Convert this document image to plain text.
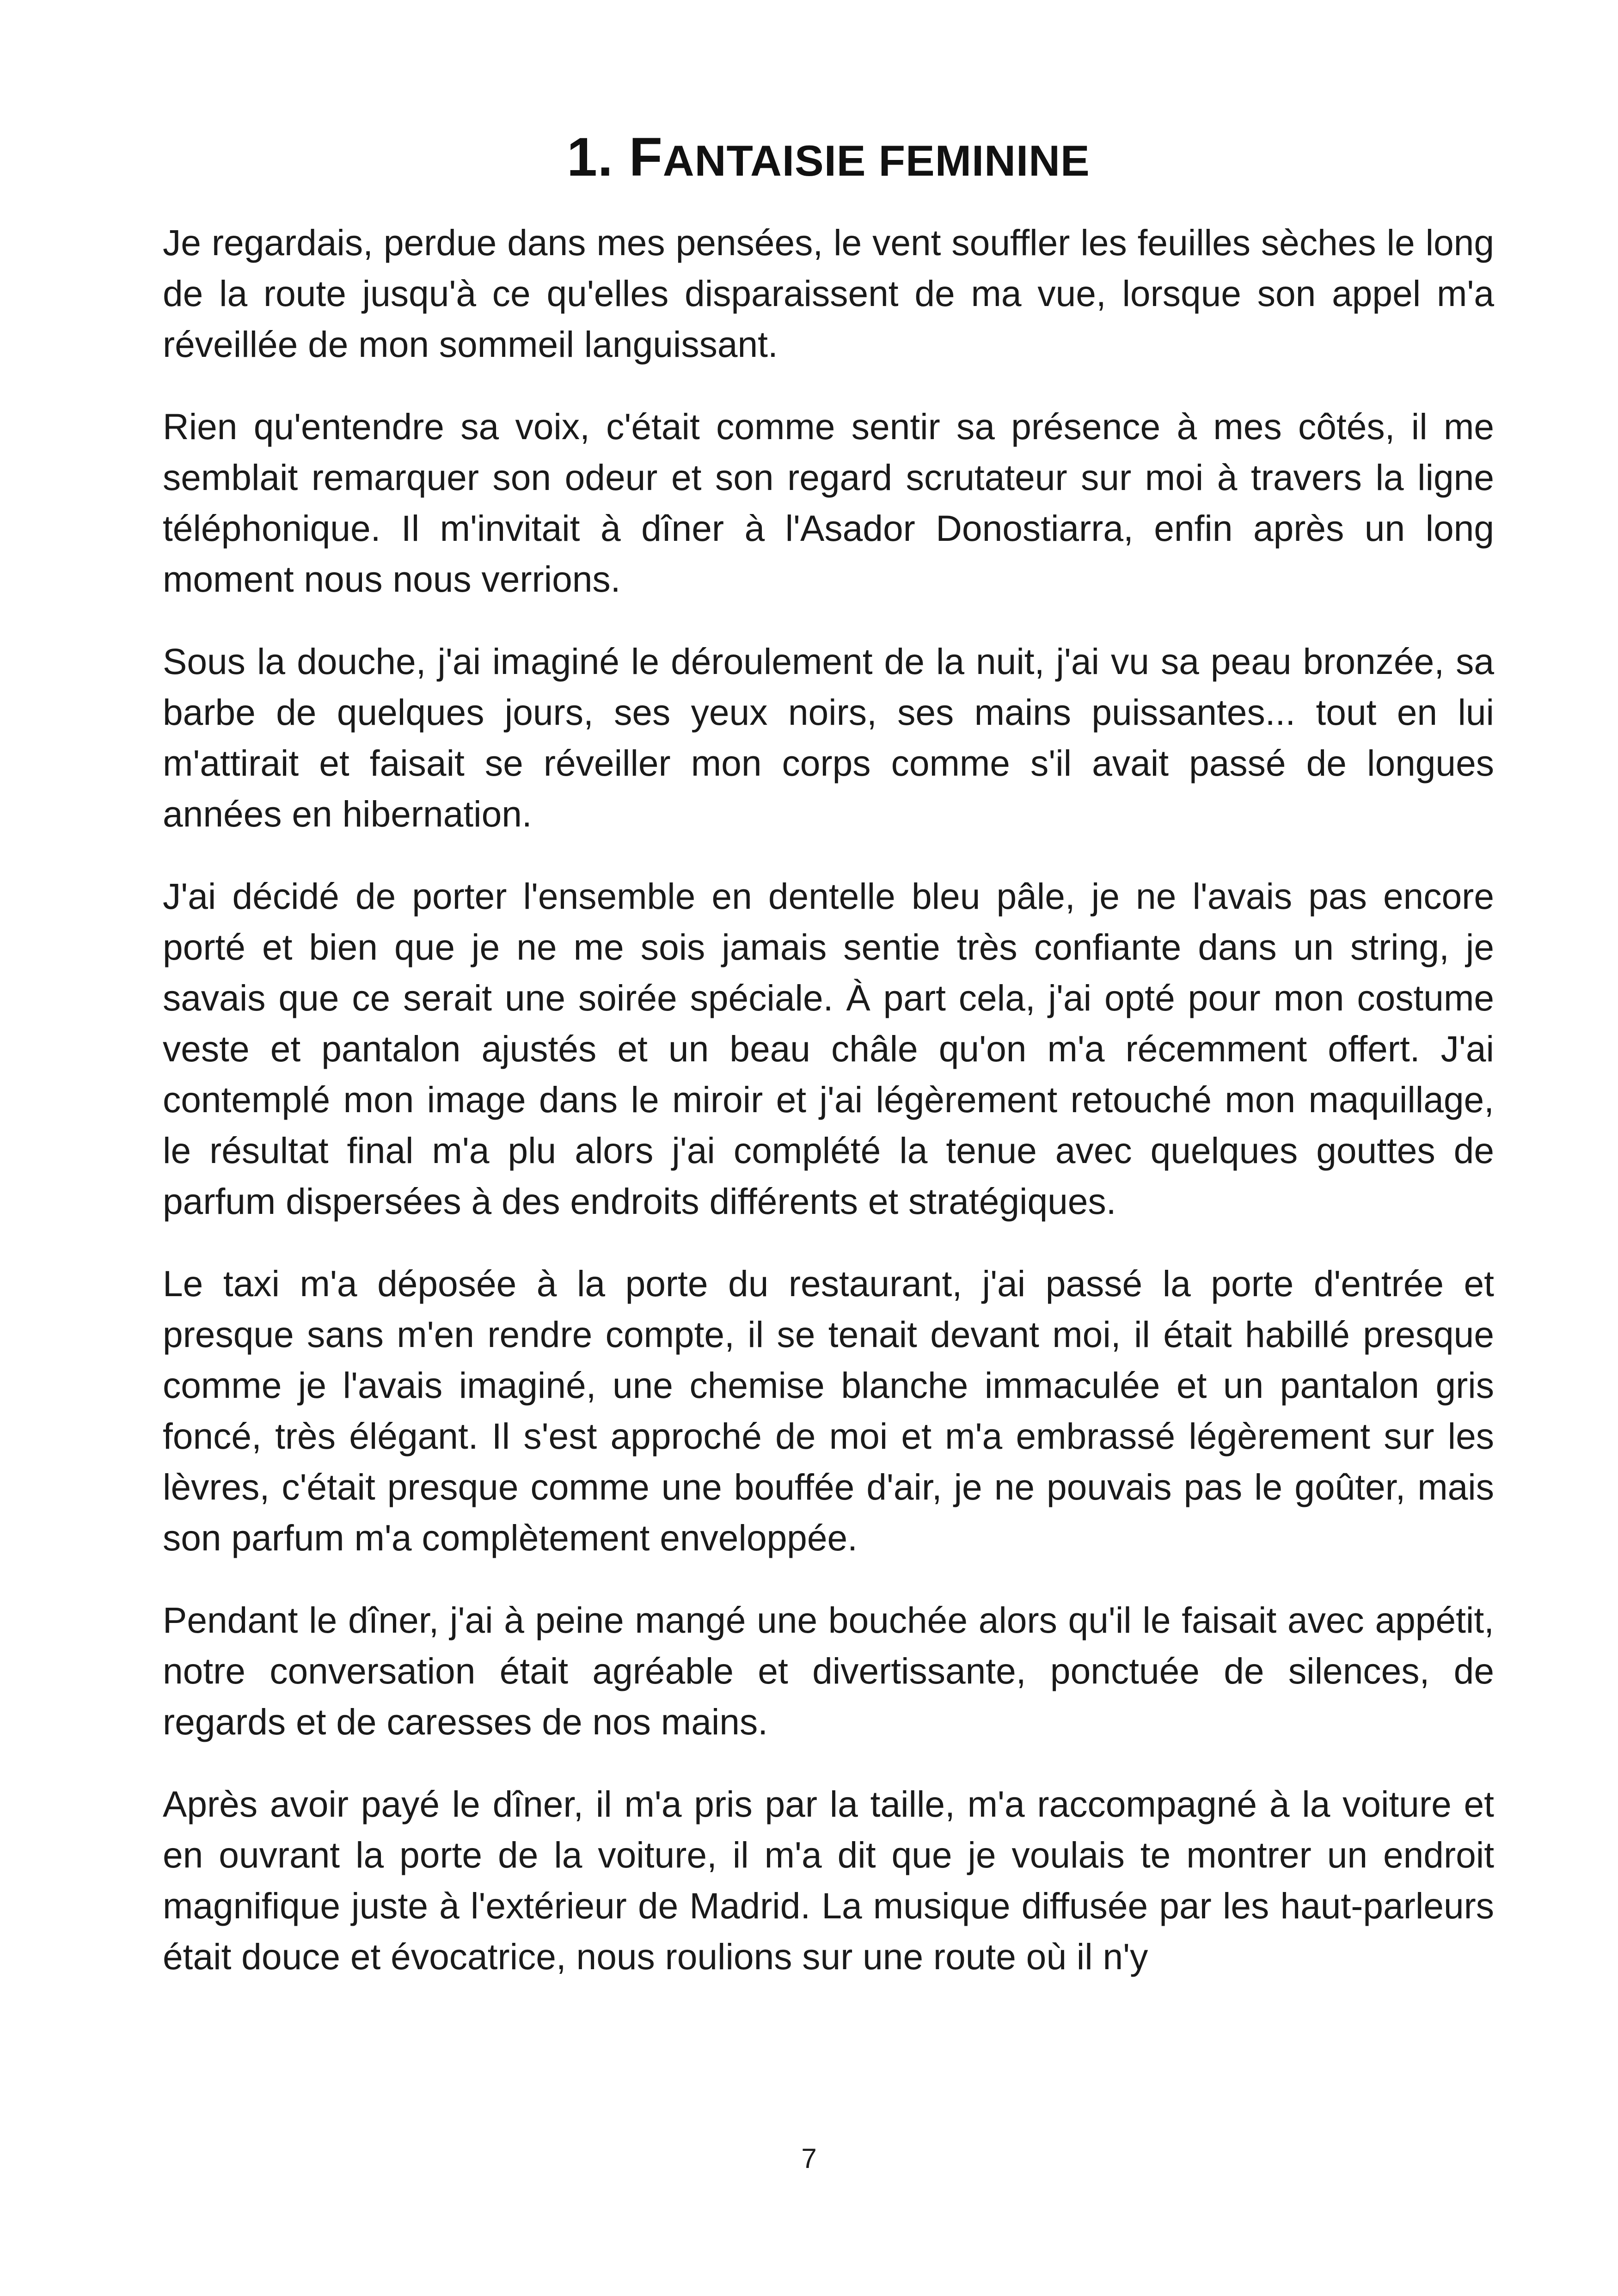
1. FANTAISIE FEMININE

Je regardais, perdue dans mes pensées, le vent souffler les feuilles sèches le long de la route jusqu'à ce qu'elles disparaissent de ma vue, lorsque son appel m'a réveillée de mon sommeil languissant.

Rien qu'entendre sa voix, c'était comme sentir sa présence à mes côtés, il me semblait remarquer son odeur et son regard scrutateur sur moi à travers la ligne téléphonique. Il m'invitait à dîner à l'Asador Donostiarra, enfin après un long moment nous nous verrions.

Sous la douche, j'ai imaginé le déroulement de la nuit, j'ai vu sa peau bronzée, sa barbe de quelques jours, ses yeux noirs, ses mains puissantes... tout en lui m'attirait et faisait se réveiller mon corps comme s'il avait passé de longues années en hibernation.

J'ai décidé de porter l'ensemble en dentelle bleu pâle, je ne l'avais pas encore porté et bien que je ne me sois jamais sentie très confiante dans un string, je savais que ce serait une soirée spéciale. À part cela, j'ai opté pour mon costume veste et pantalon ajustés et un beau châle qu'on m'a récemment offert. J'ai contemplé mon image dans le miroir et j'ai légèrement retouché mon maquillage, le résultat final m'a plu alors j'ai complété la tenue avec quelques gouttes de parfum dispersées à des endroits différents et stratégiques.

Le taxi m'a déposée à la porte du restaurant, j'ai passé la porte d'entrée et presque sans m'en rendre compte, il se tenait devant moi, il était habillé presque comme je l'avais imaginé, une chemise blanche immaculée et un pantalon gris foncé, très élégant. Il s'est approché de moi et m'a embrassé légèrement sur les lèvres, c'était presque comme une bouffée d'air, je ne pouvais pas le goûter, mais son parfum m'a complètement enveloppée.

Pendant le dîner, j'ai à peine mangé une bouchée alors qu'il le faisait avec appétit, notre conversation était agréable et divertissante, ponctuée de silences, de regards et de caresses de nos mains.

Après avoir payé le dîner, il m'a pris par la taille, m'a raccompagné à la voiture et en ouvrant la porte de la voiture, il m'a dit que je voulais te montrer un endroit magnifique juste à l'extérieur de Madrid. La musique diffusée par les haut-parleurs était douce et évocatrice, nous roulions sur une route où il n'y

7
